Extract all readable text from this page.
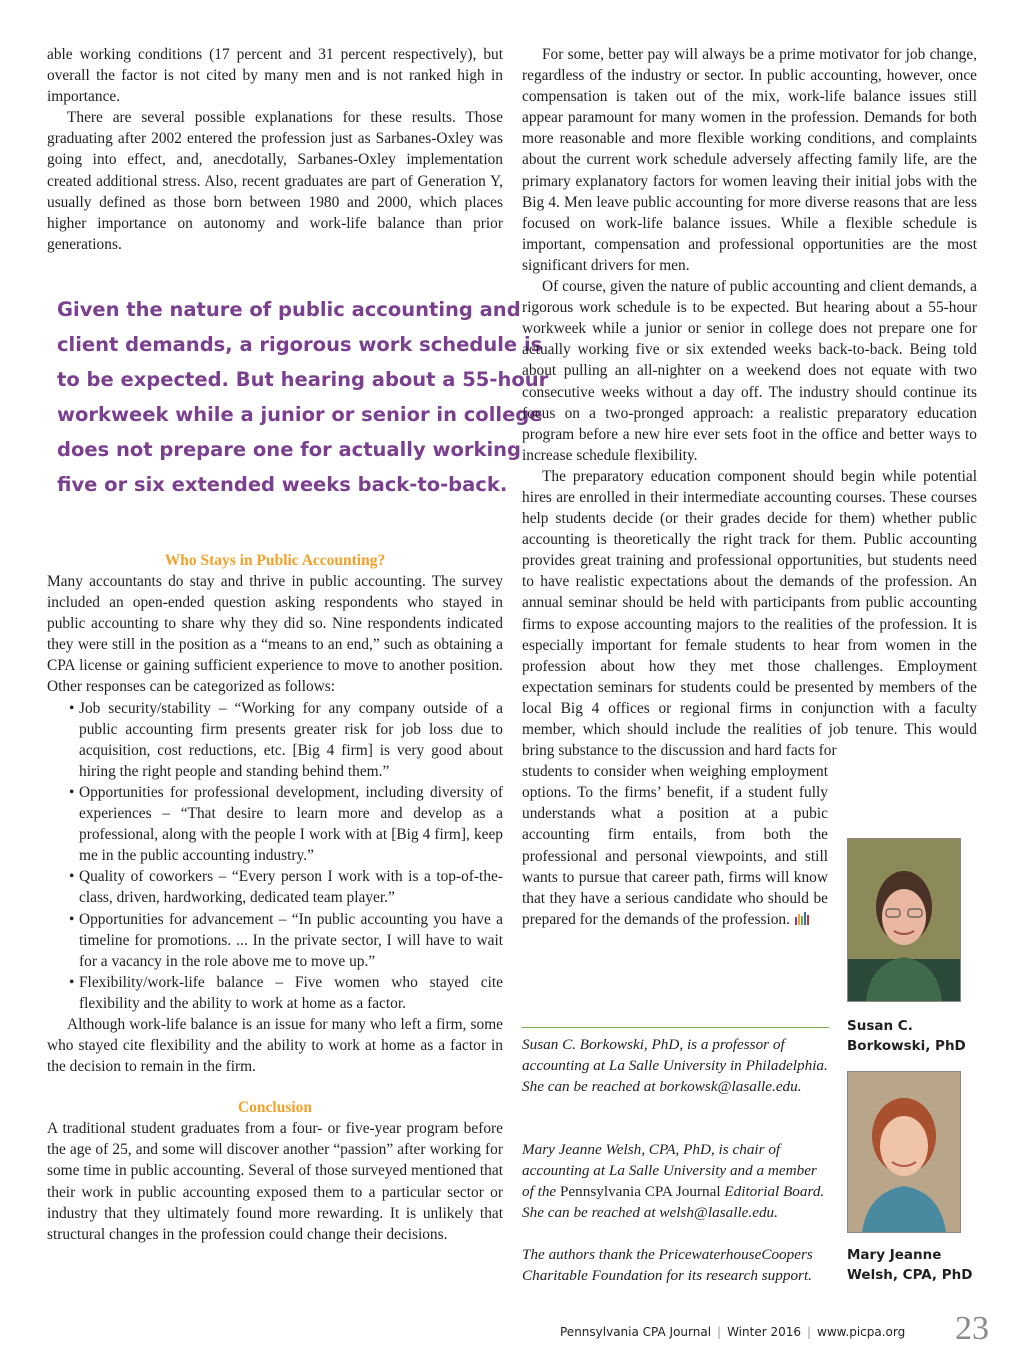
able working conditions (17 percent and 31 percent respectively), but overall the factor is not cited by many men and is not ranked high in importance.

There are several possible explanations for these results. Those graduating after 2002 entered the profession just as Sarbanes-Oxley was going into effect, and, anecdotally, Sarbanes-Oxley implementation created additional stress. Also, recent graduates are part of Generation Y, usually defined as those born between 1980 and 2000, which places higher importance on autonomy and work-life balance than prior generations.

Given the nature of public accounting and
client demands, a rigorous work schedule is
to be expected. But hearing about a 55-hour
workweek while a junior or senior in college
does not prepare one for actually working
five or six extended weeks back-to-back.
Who Stays in Public Accounting?

Many accountants do stay and thrive in public accounting. The survey included an open-ended question asking respondents who stayed in public accounting to share why they did so. Nine respondents indicated they were still in the position as a “means to an end,” such as obtaining a CPA license or gaining sufficient experience to move to another position. Other responses can be categorized as follows:

• Job security/stability – “Working for any company outside of a public accounting firm presents greater risk for job loss due to acquisition, cost reductions, etc. [Big 4 firm] is very good about hiring the right people and standing behind them.”
• Opportunities for professional development, including diversity of experiences – “That desire to learn more and develop as a professional, along with the people I work with at [Big 4 firm], keep me in the public accounting industry.”
• Quality of coworkers – “Every person I work with is a top-of-the-class, driven, hardworking, dedicated team player.”
• Opportunities for advancement – “In public accounting you have a timeline for promotions. ... In the private sector, I will have to wait for a vacancy in the role above me to move up.”
• Flexibility/work-life balance – Five women who stayed cite flexibility and the ability to work at home as a factor.

Although work-life balance is an issue for many who left a firm, some who stayed cite flexibility and the ability to work at home as a factor in the decision to remain in the firm.

Conclusion

A traditional student graduates from a four- or five-year program before the age of 25, and some will discover another “passion” after working for some time in public accounting. Several of those surveyed mentioned that their work in public accounting exposed them to a particular sector or industry that they ultimately found more rewarding. It is unlikely that structural changes in the profession could change their decisions.

For some, better pay will always be a prime motivator for job change, regardless of the industry or sector. In public accounting, however, once compensation is taken out of the mix, work-life balance issues still appear paramount for many women in the profession. Demands for both more reasonable and more flexible working conditions, and complaints about the current work schedule adversely affecting family life, are the primary explanatory factors for women leaving their initial jobs with the Big 4. Men leave public accounting for more diverse reasons that are less focused on work-life balance issues. While a flexible schedule is important, compensation and professional opportunities are the most significant drivers for men.

Of course, given the nature of public accounting and client demands, a rigorous work schedule is to be expected. But hearing about a 55-hour workweek while a junior or senior in college does not prepare one for actually working five or six extended weeks back-to-back. Being told about pulling an all-nighter on a weekend does not equate with two consecutive weeks without a day off. The industry should continue its focus on a two-pronged approach: a realistic preparatory education program before a new hire ever sets foot in the office and better ways to increase schedule flexibility.

The preparatory education component should begin while potential hires are enrolled in their intermediate accounting courses. These courses help students decide (or their grades decide for them) whether public accounting is theoretically the right track for them. Public accounting provides great training and professional opportunities, but students need to have realistic expectations about the demands of the profession. An annual seminar should be held with participants from public accounting firms to expose accounting majors to the realities of the profession. It is especially important for female students to hear from women in the profession about how they met those challenges. Employment expectation seminars for students could be presented by members of the local Big 4 offices or regional firms in conjunction with a faculty member, which should include the realities of job tenure. This would bring substance to the discussion and hard facts for

students to consider when weighing employment options. To the firms’ benefit, if a student fully understands what a position at a pubic accounting firm entails, from both the professional and personal viewpoints, and still wants to pursue that career path, firms will know that they have a serious candidate who should be prepared for the demands of the profession.

Susan C. Borkowski, PhD, is a professor of accounting at La Salle University in Philadelphia. She can be reached at borkowsk@lasalle.edu.
Mary Jeanne Welsh, CPA, PhD, is chair of accounting at La Salle University and a member of the Pennsylvania CPA Journal Editorial Board. She can be reached at welsh@lasalle.edu.
The authors thank the PricewaterhouseCoopers Charitable Foundation for its research support.
Susan C. Borkowski, PhD
Mary Jeanne Welsh, CPA, PhD
Pennsylvania CPA Journal | Winter 2016 | www.picpa.org	23
